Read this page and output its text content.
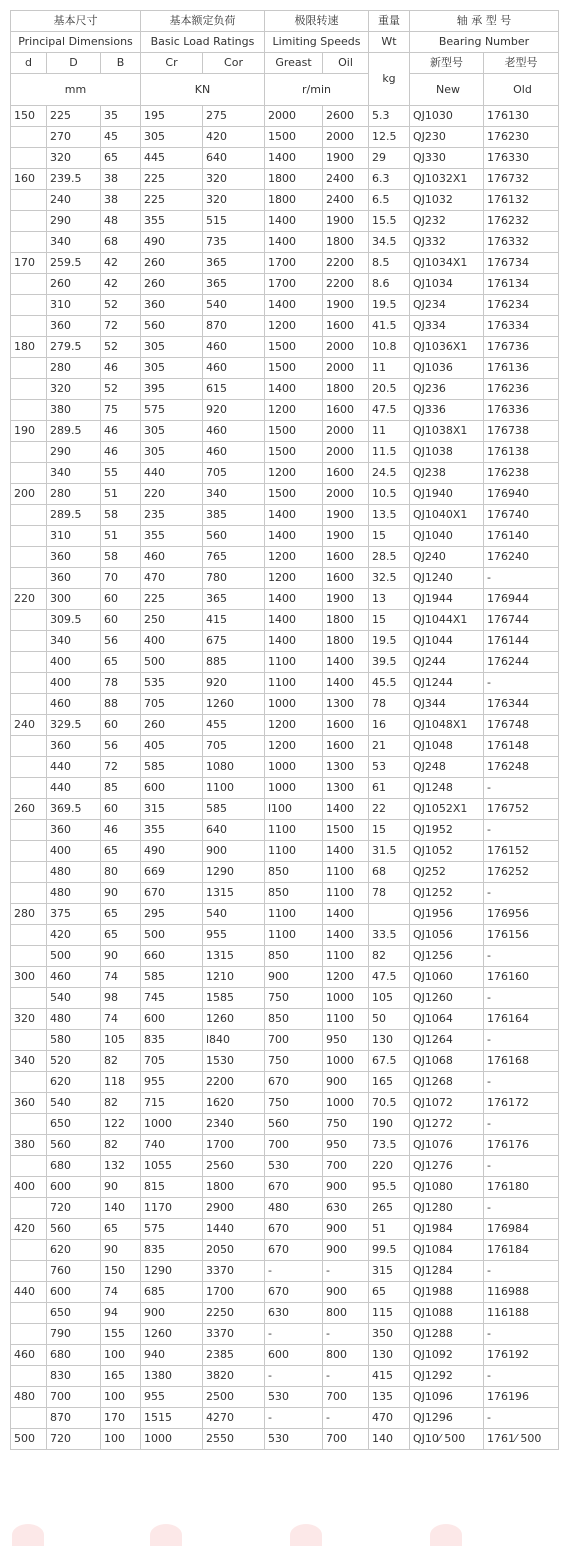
基本尺寸			基本额定负荷		极限转速		重量	轴 承 型 号	
Principal Dimensions			Basic Load Ratings		Limiting Speeds		Wt	Bearing Number	
d	D	B	Cr	Cor	Greast	Oil	kg	新型号	老型号
mm			KN		r/min			New	Old
150	225	35	195	275	2000	2600	5.3	QJ1030	176130
	270	45	305	420	1500	2000	12.5	QJ230	176230
	320	65	445	640	1400	1900	29	QJ330	176330
160	239.5	38	225	320	1800	2400	6.3	QJ1032X1	176732
	240	38	225	320	1800	2400	6.5	QJ1032	176132
	290	48	355	515	1400	1900	15.5	QJ232	176232
	340	68	490	735	1400	1800	34.5	QJ332	176332
170	259.5	42	260	365	1700	2200	8.5	QJ1034X1	176734
	260	42	260	365	1700	2200	8.6	QJ1034	176134
	310	52	360	540	1400	1900	19.5	QJ234	176234
	360	72	560	870	1200	1600	41.5	QJ334	176334
180	279.5	52	305	460	1500	2000	10.8	QJ1036X1	176736
	280	46	305	460	1500	2000	11	QJ1036	176136
	320	52	395	615	1400	1800	20.5	QJ236	176236
	380	75	575	920	1200	1600	47.5	QJ336	176336
190	289.5	46	305	460	1500	2000	11	QJ1038X1	176738
	290	46	305	460	1500	2000	11.5	QJ1038	176138
	340	55	440	705	1200	1600	24.5	QJ238	176238
200	280	51	220	340	1500	2000	10.5	QJ1940	176940
	289.5	58	235	385	1400	1900	13.5	QJ1040X1	176740
	310	51	355	560	1400	1900	15	QJ1040	176140
	360	58	460	765	1200	1600	28.5	QJ240	176240
	360	70	470	780	1200	1600	32.5	QJ1240	-
220	300	60	225	365	1400	1900	13	QJ1944	176944
	309.5	60	250	415	1400	1800	15	QJ1044X1	176744
	340	56	400	675	1400	1800	19.5	QJ1044	176144
	400	65	500	885	1100	1400	39.5	QJ244	176244
	400	78	535	920	1100	1400	45.5	QJ1244	-
	460	88	705	1260	1000	1300	78	QJ344	176344
240	329.5	60	260	455	1200	1600	16	QJ1048X1	176748
	360	56	405	705	1200	1600	21	QJ1048	176148
	440	72	585	1080	1000	1300	53	QJ248	176248
	440	85	600	1100	1000	1300	61	QJ1248	-
260	369.5	60	315	585	l100	1400	22	QJ1052X1	176752
	360	46	355	640	1100	1500	15	QJ1952	-
	400	65	490	900	1100	1400	31.5	QJ1052	176152
	480	80	669	1290	850	1100	68	QJ252	176252
	480	90	670	1315	850	1100	78	QJ1252	-
280	375	65	295	540	1100	1400		QJ1956	176956
	420	65	500	955	1100	1400	33.5	QJ1056	176156
	500	90	660	1315	850	1100	82	QJ1256	-
300	460	74	585	1210	900	1200	47.5	QJ1060	176160
	540	98	745	1585	750	1000	105	QJ1260	-
320	480	74	600	1260	850	1100	50	QJ1064	176164
	580	105	835	l840	700	950	130	QJ1264	-
340	520	82	705	1530	750	1000	67.5	QJ1068	176168
	620	118	955	2200	670	900	165	QJ1268	-
360	540	82	715	1620	750	1000	70.5	QJ1072	176172
	650	122	1000	2340	560	750	190	QJ1272	-
380	560	82	740	1700	700	950	73.5	QJ1076	176176
	680	132	1055	2560	530	700	220	QJ1276	-
400	600	90	815	1800	670	900	95.5	QJ1080	176180
	720	140	1170	2900	480	630	265	QJ1280	-
420	560	65	575	1440	670	900	51	QJ1984	176984
	620	90	835	2050	670	900	99.5	QJ1084	176184
	760	150	1290	3370	-	-	315	QJ1284	-
440	600	74	685	1700	670	900	65	QJ1988	116988
	650	94	900	2250	630	800	115	QJ1088	116188
	790	155	1260	3370	-	-	350	QJ1288	-
460	680	100	940	2385	600	800	130	QJ1092	176192
	830	165	1380	3820	-	-	415	QJ1292	-
480	700	100	955	2500	530	700	135	QJ1096	176196
	870	170	1515	4270	-	-	470	QJ1296	-
500	720	100	1000	2550	530	700	140	QJ10⁄ 500	1761⁄ 500
